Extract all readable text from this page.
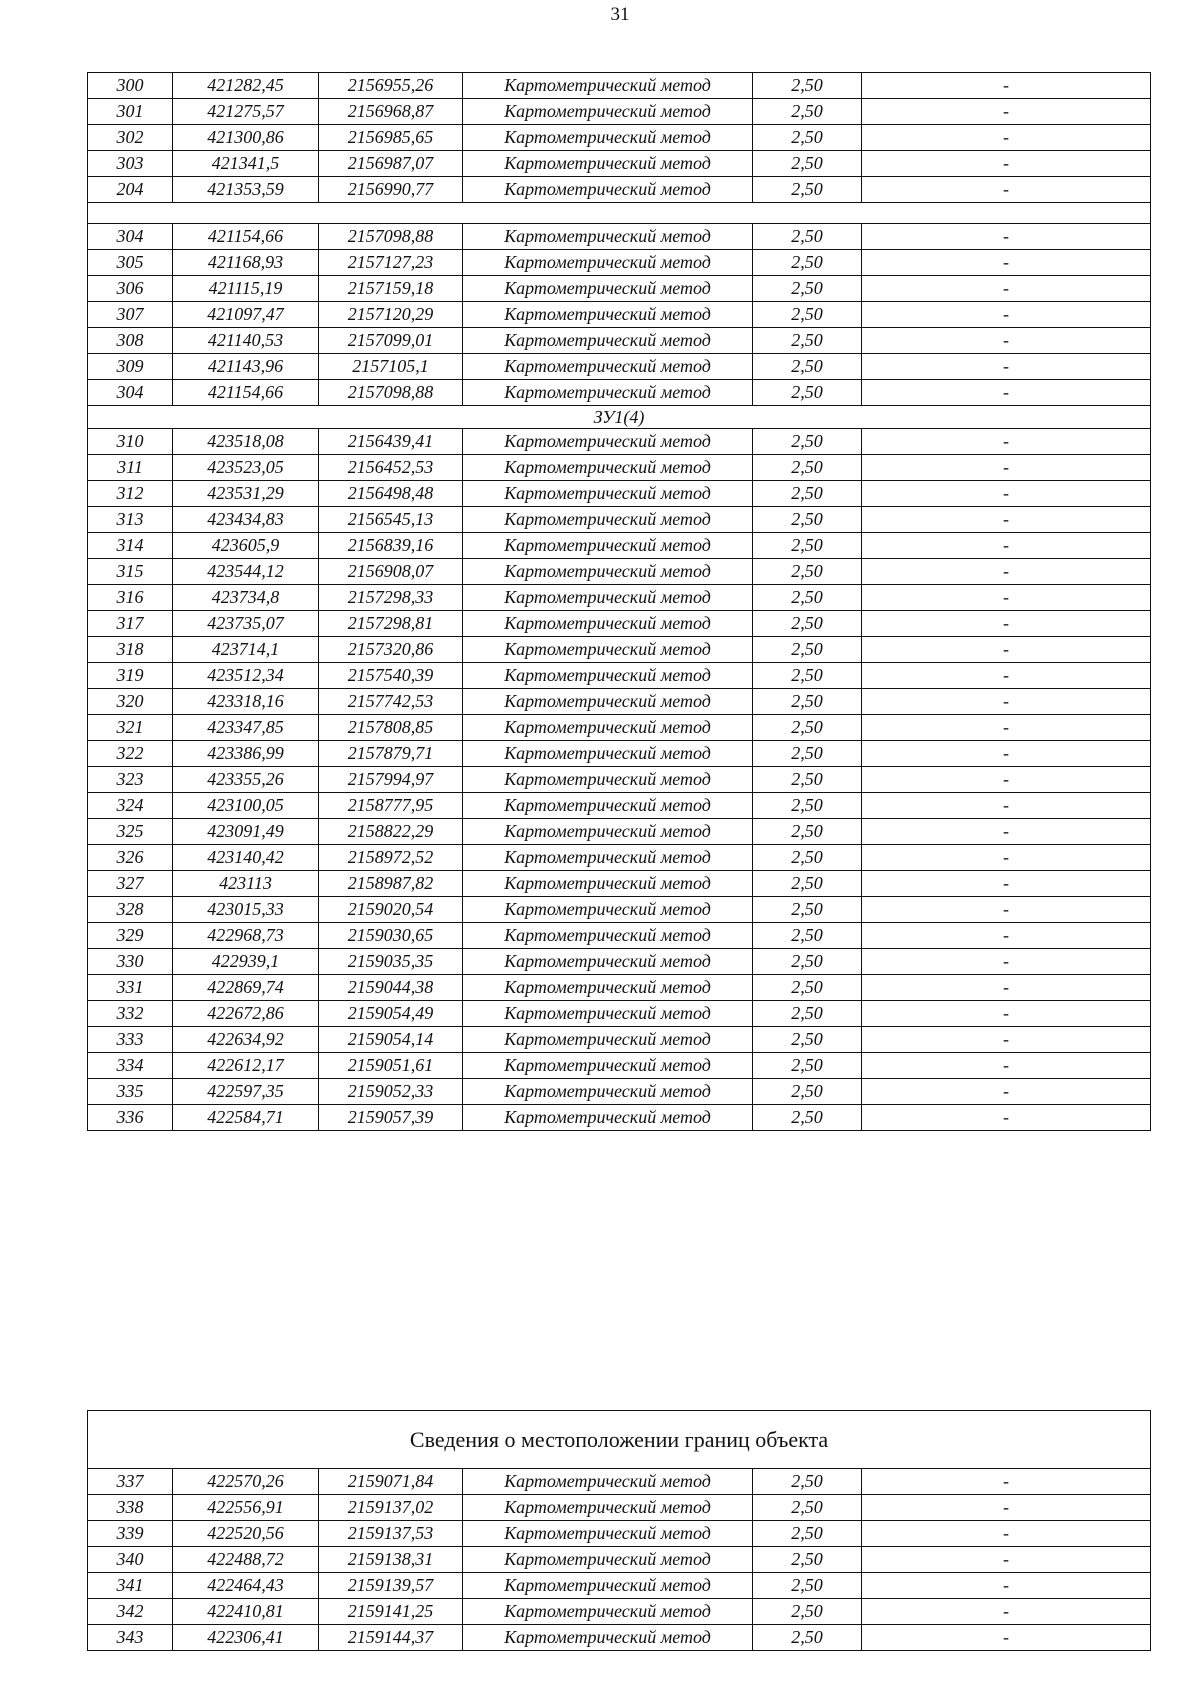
31
300	421282,45	2156955,26	Картометрический метод	2,50	-
301	421275,57	2156968,87	Картометрический метод	2,50	-
302	421300,86	2156985,65	Картометрический метод	2,50	-
303	421341,5	2156987,07	Картометрический метод	2,50	-
204	421353,59	2156990,77	Картометрический метод	2,50	-

304	421154,66	2157098,88	Картометрический метод	2,50	-
305	421168,93	2157127,23	Картометрический метод	2,50	-
306	421115,19	2157159,18	Картометрический метод	2,50	-
307	421097,47	2157120,29	Картометрический метод	2,50	-
308	421140,53	2157099,01	Картометрический метод	2,50	-
309	421143,96	2157105,1	Картометрический метод	2,50	-
304	421154,66	2157098,88	Картометрический метод	2,50	-
ЗУ1(4)					
310	423518,08	2156439,41	Картометрический метод	2,50	-
311	423523,05	2156452,53	Картометрический метод	2,50	-
312	423531,29	2156498,48	Картометрический метод	2,50	-
313	423434,83	2156545,13	Картометрический метод	2,50	-
314	423605,9	2156839,16	Картометрический метод	2,50	-
315	423544,12	2156908,07	Картометрический метод	2,50	-
316	423734,8	2157298,33	Картометрический метод	2,50	-
317	423735,07	2157298,81	Картометрический метод	2,50	-
318	423714,1	2157320,86	Картометрический метод	2,50	-
319	423512,34	2157540,39	Картометрический метод	2,50	-
320	423318,16	2157742,53	Картометрический метод	2,50	-
321	423347,85	2157808,85	Картометрический метод	2,50	-
322	423386,99	2157879,71	Картометрический метод	2,50	-
323	423355,26	2157994,97	Картометрический метод	2,50	-
324	423100,05	2158777,95	Картометрический метод	2,50	-
325	423091,49	2158822,29	Картометрический метод	2,50	-
326	423140,42	2158972,52	Картометрический метод	2,50	-
327	423113	2158987,82	Картометрический метод	2,50	-
328	423015,33	2159020,54	Картометрический метод	2,50	-
329	422968,73	2159030,65	Картометрический метод	2,50	-
330	422939,1	2159035,35	Картометрический метод	2,50	-
331	422869,74	2159044,38	Картометрический метод	2,50	-
332	422672,86	2159054,49	Картометрический метод	2,50	-
333	422634,92	2159054,14	Картометрический метод	2,50	-
334	422612,17	2159051,61	Картометрический метод	2,50	-
335	422597,35	2159052,33	Картометрический метод	2,50	-
336	422584,71	2159057,39	Картометрический метод	2,50	-
Сведения о местоположении границ объекта					
337	422570,26	2159071,84	Картометрический метод	2,50	-
338	422556,91	2159137,02	Картометрический метод	2,50	-
339	422520,56	2159137,53	Картометрический метод	2,50	-
340	422488,72	2159138,31	Картометрический метод	2,50	-
341	422464,43	2159139,57	Картометрический метод	2,50	-
342	422410,81	2159141,25	Картометрический метод	2,50	-
343	422306,41	2159144,37	Картометрический метод	2,50	-
